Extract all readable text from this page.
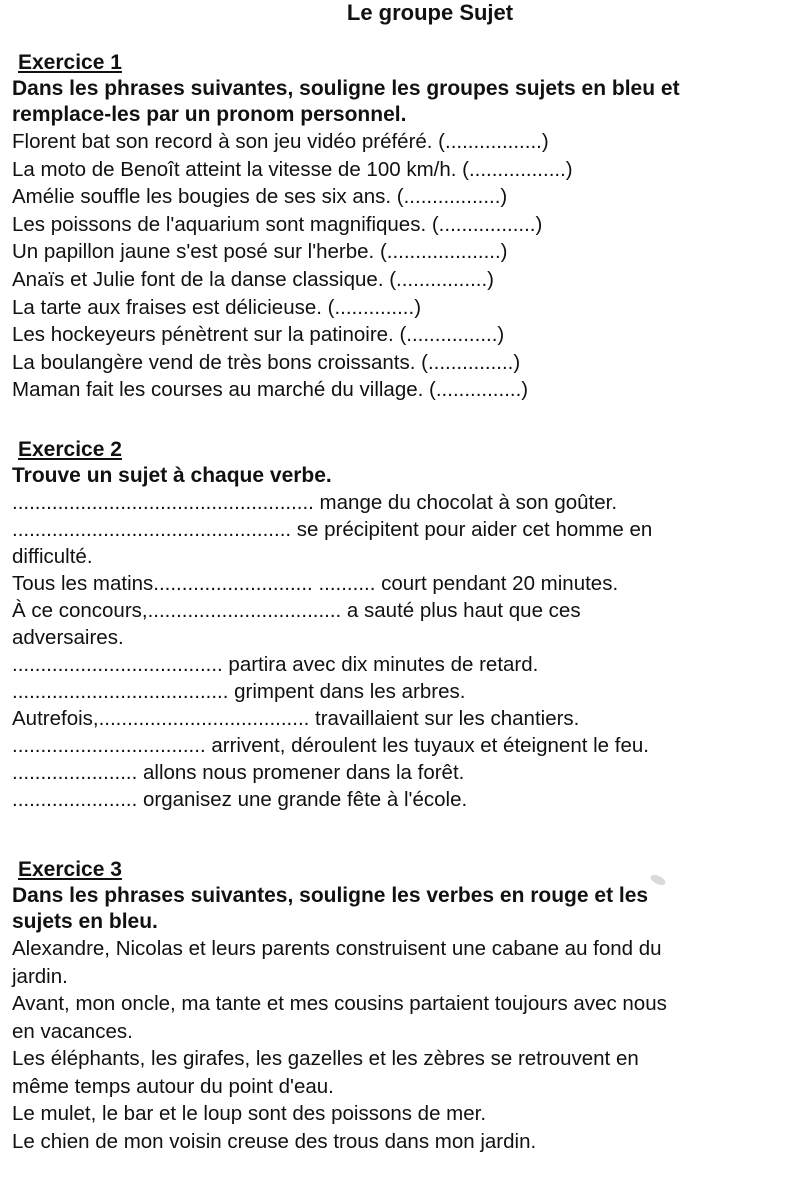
Le groupe Sujet

Exercice 1

Dans les phrases suivantes, souligne les groupes sujets en bleu et

remplace-les par un pronom personnel.

Florent bat son record à son jeu vidéo préféré. (.................)

La moto de Benoît atteint la vitesse de 100 km/h. (.................)

Amélie souffle les bougies de ses six ans. (.................)

Les poissons de l'aquarium sont magnifiques. (.................)

Un papillon jaune s'est posé sur l'herbe. (....................)

Anaïs et Julie font de la danse classique. (................)

La tarte aux fraises est délicieuse. (..............)

Les hockeyeurs pénètrent sur la patinoire. (................)

La boulangère vend de très bons croissants. (...............)

Maman fait les courses au marché du village. (...............)

Exercice 2

Trouve un sujet à chaque verbe.

..................................................... mange du chocolat à son goûter.

................................................. se précipitent pour aider cet homme en

difficulté.

Tous les matins............................ .......... court pendant 20 minutes.

À ce concours,.................................. a sauté plus haut que ces

adversaires.

..................................... partira avec dix minutes de retard.

...................................... grimpent dans les arbres.

Autrefois,..................................... travaillaient sur les chantiers.

.................................. arrivent, déroulent les tuyaux et éteignent le feu.

...................... allons nous promener dans la forêt.

...................... organisez une grande fête à l'école.

Exercice 3

Dans les phrases suivantes, souligne les verbes en rouge et les

sujets en bleu.

Alexandre, Nicolas et leurs parents construisent une cabane au fond du

jardin.

Avant, mon oncle, ma tante et mes cousins partaient toujours avec nous

en vacances.

Les éléphants, les girafes, les gazelles et les zèbres se retrouvent en

même temps autour du point d'eau.

Le mulet, le bar et le loup sont des poissons de mer.

Le chien de mon voisin creuse des trous dans mon jardin.
